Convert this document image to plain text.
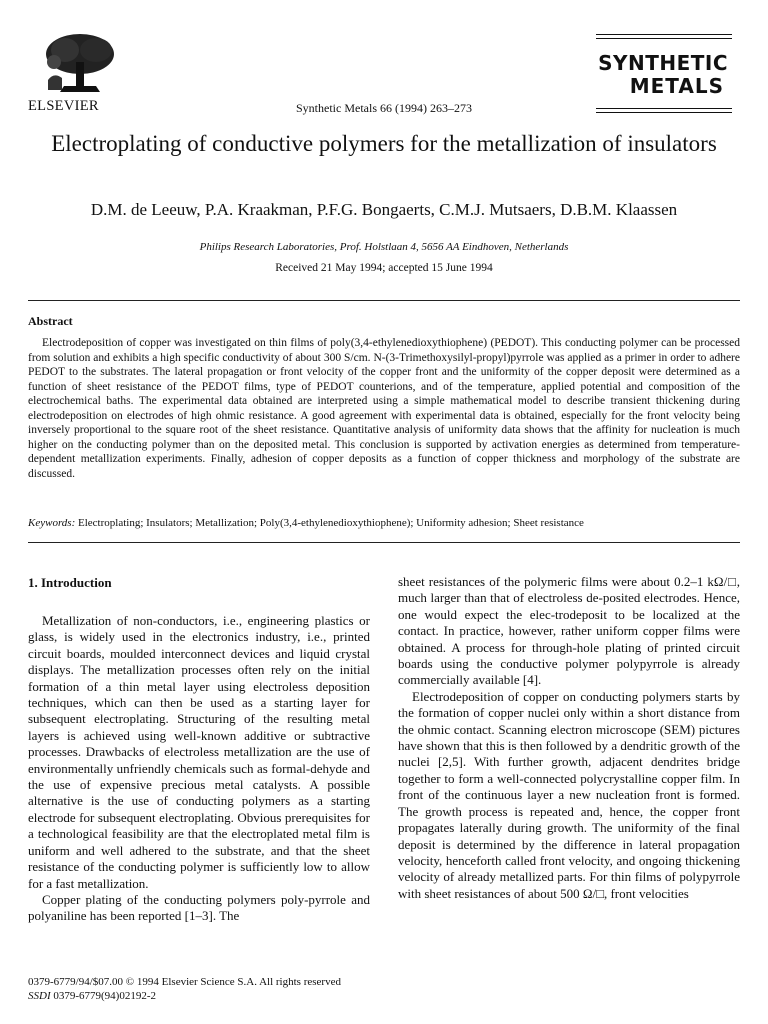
ELSEVIER	Synthetic Metals 66 (1994) 263–273
SYNTHETIC
METALS
Electroplating of conductive polymers for the metallization of insulators
D.M. de Leeuw, P.A. Kraakman, P.F.G. Bongaerts, C.M.J. Mutsaers, D.B.M. Klaassen
Philips Research Laboratories, Prof. Holstlaan 4, 5656 AA Eindhoven, Netherlands
Received 21 May 1994; accepted 15 June 1994
Abstract
Electrodeposition of copper was investigated on thin films of poly(3,4-ethylenedioxythiophene) (PEDOT). This conducting polymer can be processed from solution and exhibits a high specific conductivity of about 300 S/cm. N-(3-Trimethoxysilyl-propyl)pyrrole was applied as a primer in order to adhere PEDOT to the substrates. The lateral propagation or front velocity of the copper front and the uniformity of the copper deposit were determined as a function of sheet resistance of the PEDOT films, type of PEDOT counterions, and of the temperature, applied potential and composition of the electrochemical baths. The experimental data obtained are interpreted using a simple mathematical model to describe transient thickening during electrodeposition on electrodes of high ohmic resistance. A good agreement with experimental data is obtained, especially for the front velocity being inversely proportional to the square root of the sheet resistance. Quantitative analysis of uniformity data shows that the affinity for nucleation is much higher on the conducting polymer than on the deposited metal. This conclusion is supported by activation energies as determined from temperature-dependent metallization experiments. Finally, adhesion of copper deposits as a function of copper thickness and morphology of the substrate are discussed.
Keywords: Electroplating; Insulators; Metallization; Poly(3,4-ethylenedioxythiophene); Uniformity adhesion; Sheet resistance
1. Introduction

Metallization of non-conductors, i.e., engineering plastics or glass, is widely used in the electronics industry, i.e., printed circuit boards, moulded interconnect devices and liquid crystal displays. The metallization processes often rely on the initial formation of a thin metal layer using electroless deposition techniques, which can then be used as a starting layer for subsequent electroplating. Structuring of the resulting metal layers is achieved using well-known additive or subtractive processes. Drawbacks of electroless metallization are the use of environmentally unfriendly chemicals such as formal-dehyde and the use of expensive precious metal catalysts. A possible alternative is the use of conducting polymers as a starting electrode for subsequent electroplating. Obvious prerequisites for a technological feasibility are that the electroplated metal film is uniform and well adhered to the substrate, and that the sheet resistance of the conducting polymer is sufficiently low to allow for a fast metallization.

Copper plating of the conducting polymers poly-pyrrole and polyaniline has been reported [1–3]. The

sheet resistances of the polymeric films were about 0.2–1 kΩ/□, much larger than that of electroless de-posited electrodes. Hence, one would expect the elec-trodeposit to be localized at the contact. In practice, however, rather uniform copper films were obtained. A process for through-hole plating of printed circuit boards using the conductive polymer polypyrrole is already commercially available [4].

Electrodeposition of copper on conducting polymers starts by the formation of copper nuclei only within a short distance from the ohmic contact. Scanning electron microscope (SEM) pictures have shown that this is then followed by a dendritic growth of the nuclei [2,5]. With further growth, adjacent dendrites bridge together to form a well-connected polycrystalline copper film. In front of the continuous layer a new nucleation front is formed. The growth process is repeated and, hence, the copper front propagates laterally during growth. The uniformity of the final deposit is determined by the difference in lateral propagation velocity, henceforth called front velocity, and ongoing thickening velocity of already metallized parts. For thin films of polypyrrole with sheet resistances of about 500 Ω/□, front velocities

0379-6779/94/$07.00 © 1994 Elsevier Science S.A. All rights reserved
SSDI 0379-6779(94)02192-2
